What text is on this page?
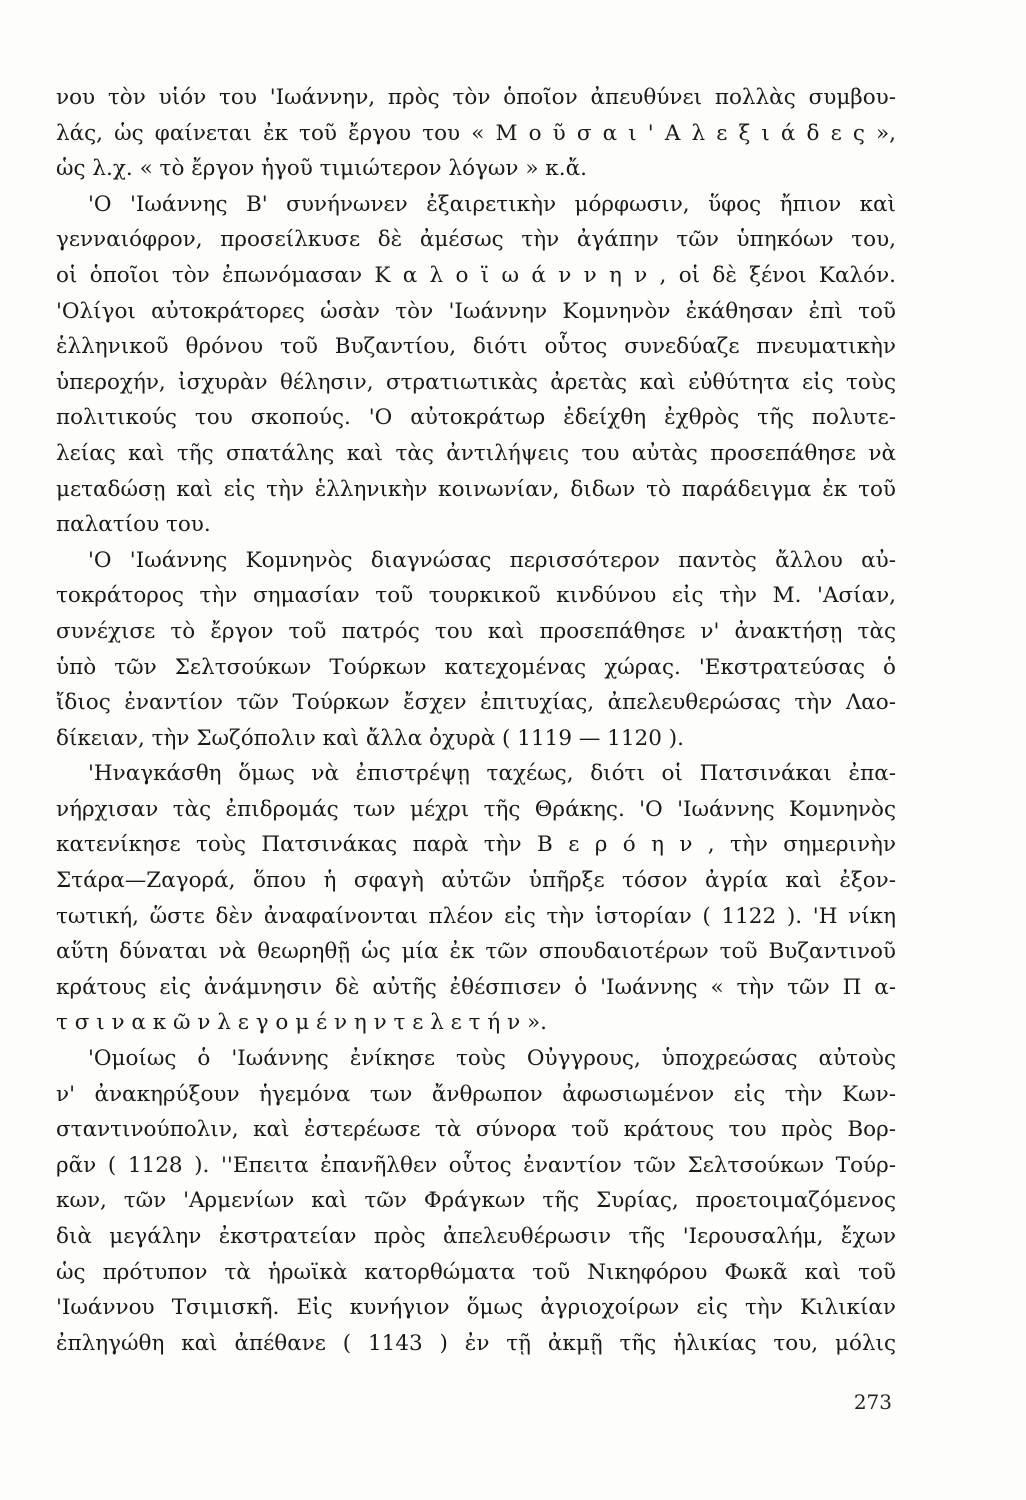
νου τὸν υἱόν του 'Ιωάννην, πρὸς τὸν ὁποῖον ἀπευθύνει πολλὰς συμβου-
λάς, ὡς φαίνεται ἐκ τοῦ ἔργου του « Μ ο ῦ σ α ι ' Α λ ε ξ ι ά δ ε ς »,
ὡς λ.χ. « τὸ ἔργον ἡγοῦ τιμιώτερον λόγων » κ.ἄ.
'Ο 'Ιωάννης Β' συνήνωνεν ἐξαιρετικὴν μόρφωσιν, ὕφος ἤπιον καὶ
γενναιόφρον, προσείλκυσε δὲ ἀμέσως τὴν ἀγάπην τῶν ὑπηκόων του,
οἱ ὁποῖοι τὸν ἐπωνόμασαν Κ α λ ο ϊ ω ά ν ν η ν , οἱ δὲ ξένοι Καλόν.
'Ολίγοι αὐτοκράτορες ὡσὰν τὸν 'Ιωάννην Κομνηνὸν ἐκάθησαν ἐπὶ τοῦ
ἑλληνικοῦ θρόνου τοῦ Βυζαντίου, διότι οὗτος συνεδύαζε πνευματικὴν
ὑπεροχήν, ἰσχυρὰν θέλησιν, στρατιωτικὰς ἀρετὰς καὶ εὐθύτητα εἰς τοὺς
πολιτικούς του σκοπούς. 'Ο αὐτοκράτωρ ἐδείχθη ἐχθρὸς τῆς πολυτε-
λείας καὶ τῆς σπατάλης καὶ τὰς ἀντιλήψεις του αὐτὰς προσεπάθησε νὰ
μεταδώσῃ καὶ εἰς τὴν ἑλληνικὴν κοινωνίαν, διδων τὸ παράδειγμα ἐκ τοῦ
παλατίου του.
'Ο 'Ιωάννης Κομνηνὸς διαγνώσας περισσότερον παντὸς ἄλλου αὐ-
τοκράτορος τὴν σημασίαν τοῦ τουρκικοῦ κινδύνου εἰς τὴν Μ. 'Ασίαν,
συνέχισε τὸ ἔργον τοῦ πατρός του καὶ προσεπάθησε ν' ἀνακτήσῃ τὰς
ὑπὸ τῶν Σελτσούκων Τούρκων κατεχομένας χώρας. 'Εκστρατεύσας ὁ
ἴδιος ἐναντίον τῶν Τούρκων ἔσχεν ἐπιτυχίας, ἀπελευθερώσας τὴν Λαο-
δίκειαν, τὴν Σωζόπολιν καὶ ἄλλα ὀχυρὰ ( 1119 — 1120 ).
'Ηναγκάσθη ὅμως νὰ ἐπιστρέψῃ ταχέως, διότι οἱ Πατσινάκαι ἐπα-
νήρχισαν τὰς ἐπιδρομάς των μέχρι τῆς Θράκης. 'Ο 'Ιωάννης Κομνηνὸς
κατενίκησε τοὺς Πατσινάκας παρὰ τὴν Β ε ρ ό η ν , τὴν σημερινὴν
Στάρα—Ζαγορά, ὅπου ἡ σφαγὴ αὐτῶν ὑπῆρξε τόσον ἀγρία καὶ ἐξον-
τωτική, ὥστε δὲν ἀναφαίνονται πλέον εἰς τὴν ἱστορίαν ( 1122 ). 'Η νίκη
αὕτη δύναται νὰ θεωρηθῇ ὡς μία ἐκ τῶν σπουδαιοτέρων τοῦ Βυζαντινοῦ
κράτους εἰς ἀνάμνησιν δὲ αὐτῆς ἐθέσπισεν ὁ 'Ιωάννης « τὴν τῶν Π α-
τ σ ι ν α κ ῶ ν λ ε γ ο μ έ ν η ν τ ε λ ε τ ή ν ».
'Ομοίως ὁ 'Ιωάννης ἐνίκησε τοὺς Οὐγγρους, ὑποχρεώσας αὐτοὺς
ν' ἀνακηρύξουν ἡγεμόνα των ἄνθρωπον ἀφωσιωμένον εἰς τὴν Κων-
σταντινούπολιν, καὶ ἐστερέωσε τὰ σύνορα τοῦ κράτους του πρὸς Βορ-
ρᾶν ( 1128 ). ''Επειτα ἐπανῆλθεν οὗτος ἐναντίον τῶν Σελτσούκων Τούρ-
κων, τῶν 'Αρμενίων καὶ τῶν Φράγκων τῆς Συρίας, προετοιμαζόμενος
διὰ μεγάλην ἐκστρατείαν πρὸς ἀπελευθέρωσιν τῆς 'Ιερουσαλήμ, ἔχων
ὡς πρότυπον τὰ ἡρωϊκὰ κατορθώματα τοῦ Νικηφόρου Φωκᾶ καὶ τοῦ
'Ιωάννου Τσιμισκῆ. Εἰς κυνήγιον ὅμως ἀγριοχοίρων εἰς τὴν Κιλικίαν
ἐπληγώθη καὶ ἀπέθανε ( 1143 ) ἐν τῇ ἀκμῇ τῆς ἡλικίας του, μόλις
273
